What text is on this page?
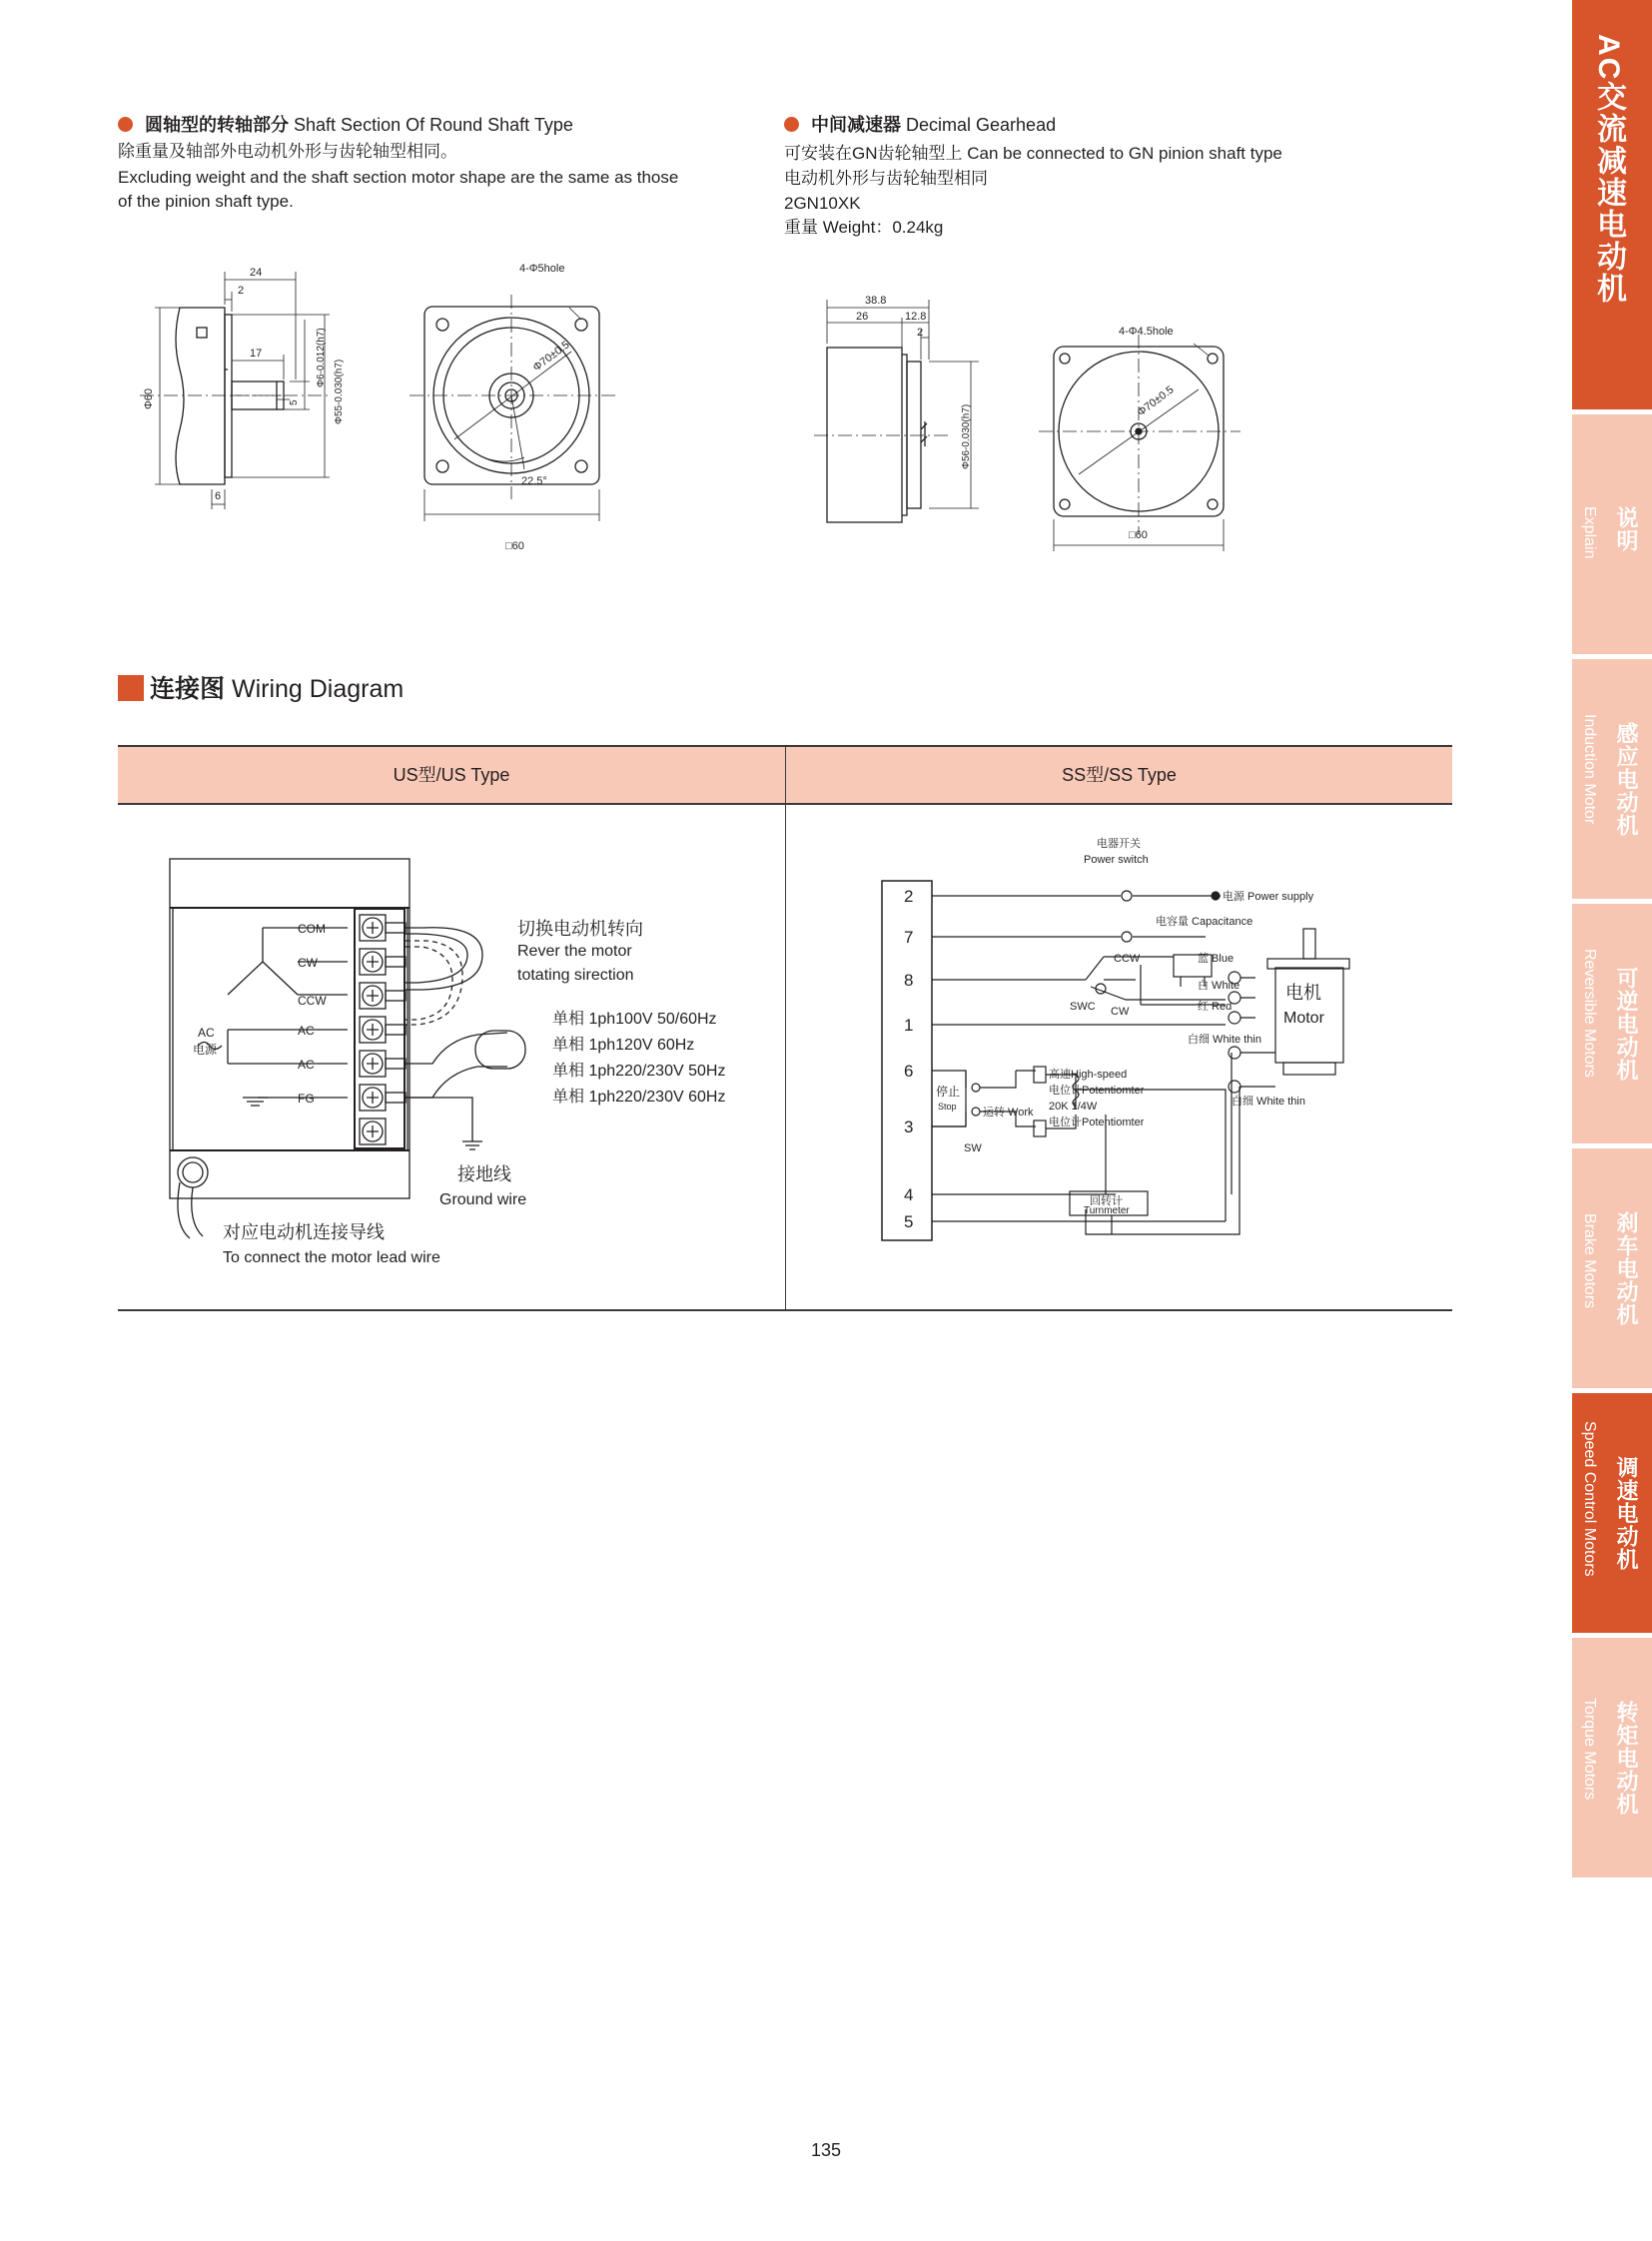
圆轴型的转轴部分 Shaft Section Of Round Shaft Type
除重量及轴部外电动机外形与齿轮轴型相同。
Excluding weight and the shaft section motor shape are the same as those
of the pinion shaft type.
中间减速器 Decimal Gearhead
可安装在GN齿轮轴型上 Can be connected to GN pinion shaft type
电动机外形与齿轮轴型相同
2GN10XK
重量 Weight：0.24kg
24
2
17
5
6
Φ60
Φ6-0.012(h7)
Φ55-0.030(h7)
4-Φ5hole
Φ70±0.5
22.5°
□60
38.8
26	12.8
2
Φ56-0.030(h7)
4-Φ4.5hole
Φ70±0.5
□60
连接图 Wiring Diagram
US型/US Type	SS型/SS Type
COM
CW
CCW
AC
电源
AC
AC
FG
切换电动机转向
Rever the motor
totating sirection
单相 1ph100V 50/60Hz
单相 1ph120V 60Hz
单相 1ph220/230V 50Hz
单相 1ph220/230V 60Hz
接地线
Ground wire
对应电动机连接导线
To connect the motor lead wire
2
7
8
1
6
3
4
5
电器开关
Power switch
电源 Power supply
电容量 Capacitance
CCW
SWC CW
蓝 Blue
白 White
红 Red
白细 White thin
白细 White thin
电机
Motor
停止
Stop 运转 Work
SW
高速High-speed
电位计Potentiomter
20K 1/4W
电位计Potentiomter
回转计
Turnmeter
AC交流减速电动机
说明
Explain
感应电动机
Induction Motor
可逆电动机
Reversible Motors
刹车电动机
Brake Motors
调速电动机
Speed Control Motors
转矩电动机
Torque Motors
135
